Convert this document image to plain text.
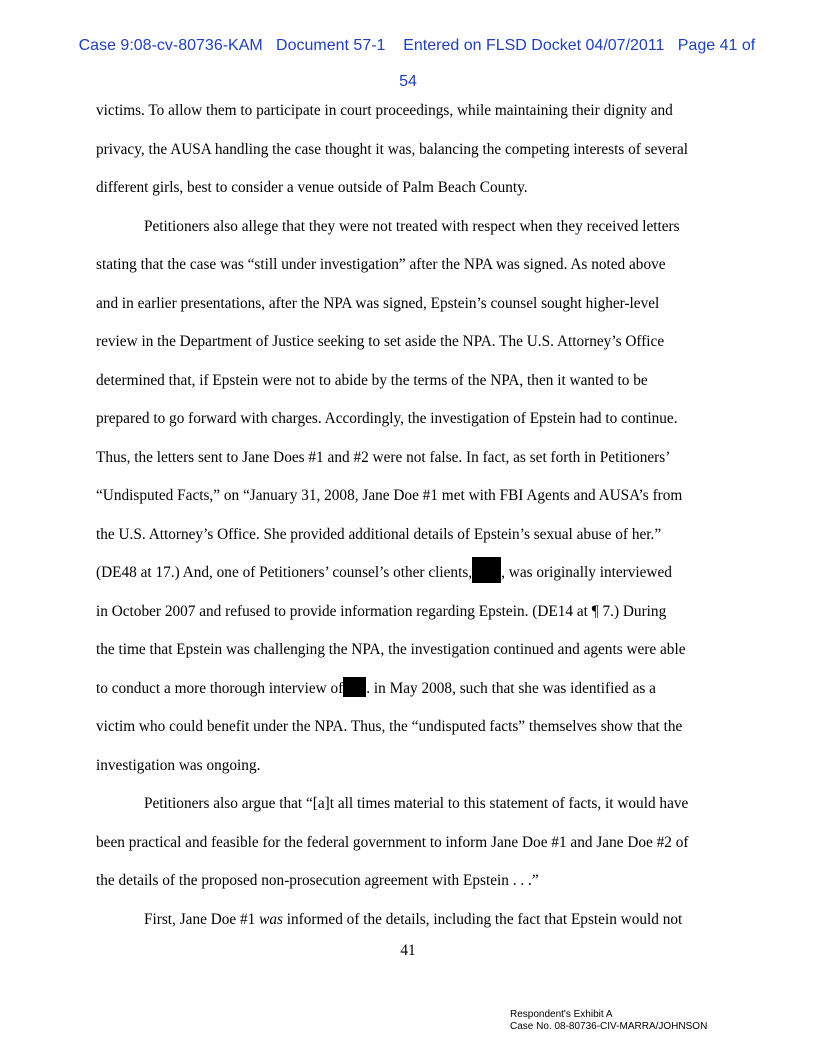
Case 9:08-cv-80736-KAM   Document 57-1    Entered on FLSD Docket 04/07/2011   Page 41 of

54

victims. To allow them to participate in court proceedings, while maintaining their dignity and
privacy, the AUSA handling the case thought it was, balancing the competing interests of several
different girls, best to consider a venue outside of Palm Beach County.
Petitioners also allege that they were not treated with respect when they received letters
stating that the case was “still under investigation” after the NPA was signed. As noted above
and in earlier presentations, after the NPA was signed, Epstein’s counsel sought higher-level
review in the Department of Justice seeking to set aside the NPA. The U.S. Attorney’s Office
determined that, if Epstein were not to abide by the terms of the NPA, then it wanted to be
prepared to go forward with charges. Accordingly, the investigation of Epstein had to continue.
Thus, the letters sent to Jane Does #1 and #2 were not false. In fact, as set forth in Petitioners’
“Undisputed Facts,” on “January 31, 2008, Jane Doe #1 met with FBI Agents and AUSA’s from
the U.S. Attorney’s Office. She provided additional details of Epstein’s sexual abuse of her.”
(DE48 at 17.) And, one of Petitioners’ counsel’s other clients, , was originally interviewed
in October 2007 and refused to provide information regarding Epstein. (DE14 at ¶ 7.) During
the time that Epstein was challenging the NPA, the investigation continued and agents were able
to conduct a more thorough interview of . in May 2008, such that she was identified as a
victim who could benefit under the NPA. Thus, the “undisputed facts” themselves show that the
investigation was ongoing.
Petitioners also argue that “[a]t all times material to this statement of facts, it would have
been practical and feasible for the federal government to inform Jane Doe #1 and Jane Doe #2 of
the details of the proposed non-prosecution agreement with Epstein . . .”
First, Jane Doe #1 was informed of the details, including the fact that Epstein would not
41
Respondent's Exhibit A
Case No. 08-80736-CIV-MARRA/JOHNSON
